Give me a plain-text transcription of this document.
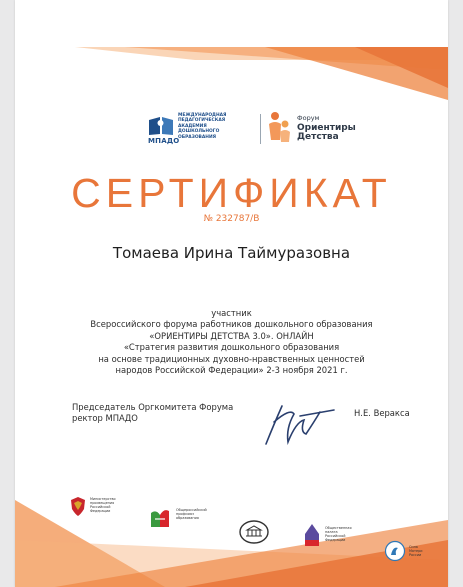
МПАДО
МЕЖДУНАРОДНАЯ
ПЕДАГОГИЧЕСКАЯ
АКАДЕМИЯ
ДОШКОЛЬНОГО
ОБРАЗОВАНИЯ
Форум
Ориентиры
Детства
СЕРТИФИКАТ
№ 232787/В
Томаева Ирина Таймуразовна
участник
Всероссийского форума работников дошкольного образования
«ОРИЕНТИРЫ ДЕТСТВА 3.0». ОНЛАЙН
«Стратегия развития дошкольного образования
на основе традиционных духовно-нравственных ценностей
народов Российской Федерации» 2-3 ноября 2021 г.
Председатель Оргкомитета Форума
ректор МПАДО
Н.Е. Веракса
Министерство
просвещения
Российской
Федерации	Общероссийский
профсоюз
образования
Общественная
палата
Российской
Федерации
Сила
Матери
России
